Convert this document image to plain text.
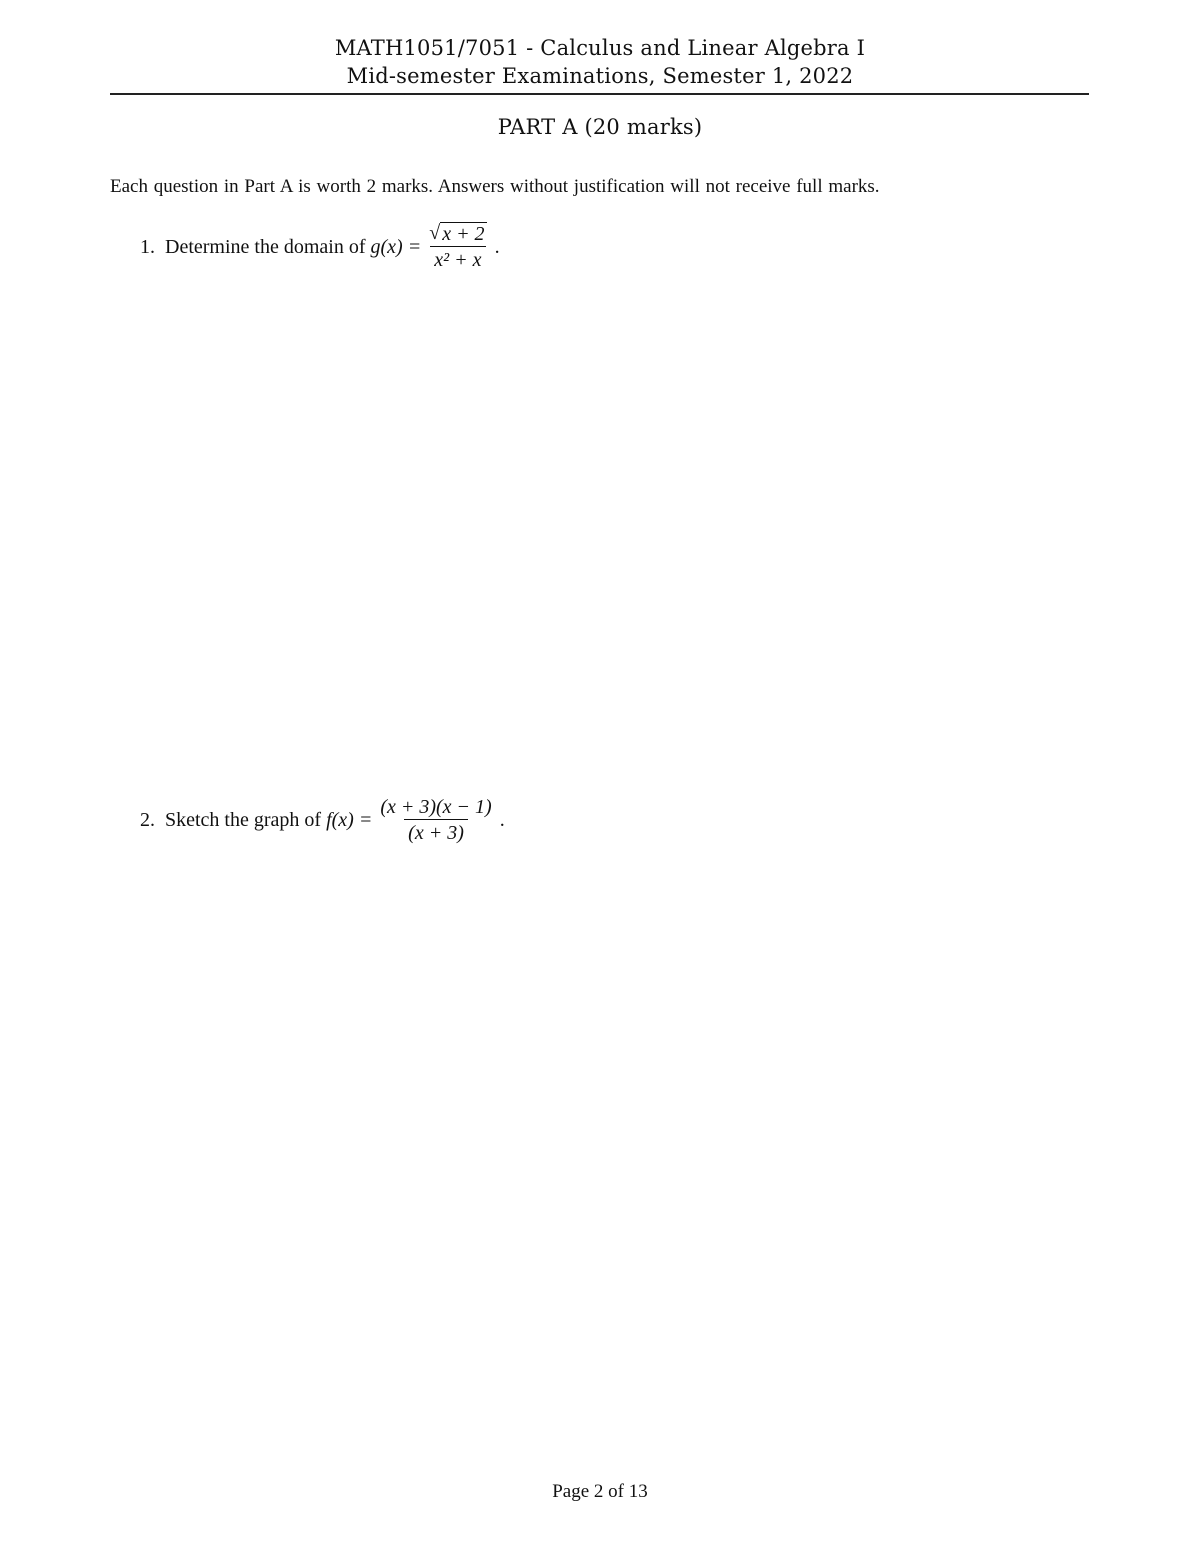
MATH1051/7051 - Calculus and Linear Algebra I
Mid-semester Examinations, Semester 1, 2022
PART A (20 marks)
Each question in Part A is worth 2 marks. Answers without justification will not receive full marks.
1. Determine the domain of
$g(x) = \frac{√ x + 2}{\text{x² + x}}$ .
2. Sketch the graph of
$f(x) = \frac{(x + 3)(x - 1)}{(x + 3)}$ .
Page 2 of 13
